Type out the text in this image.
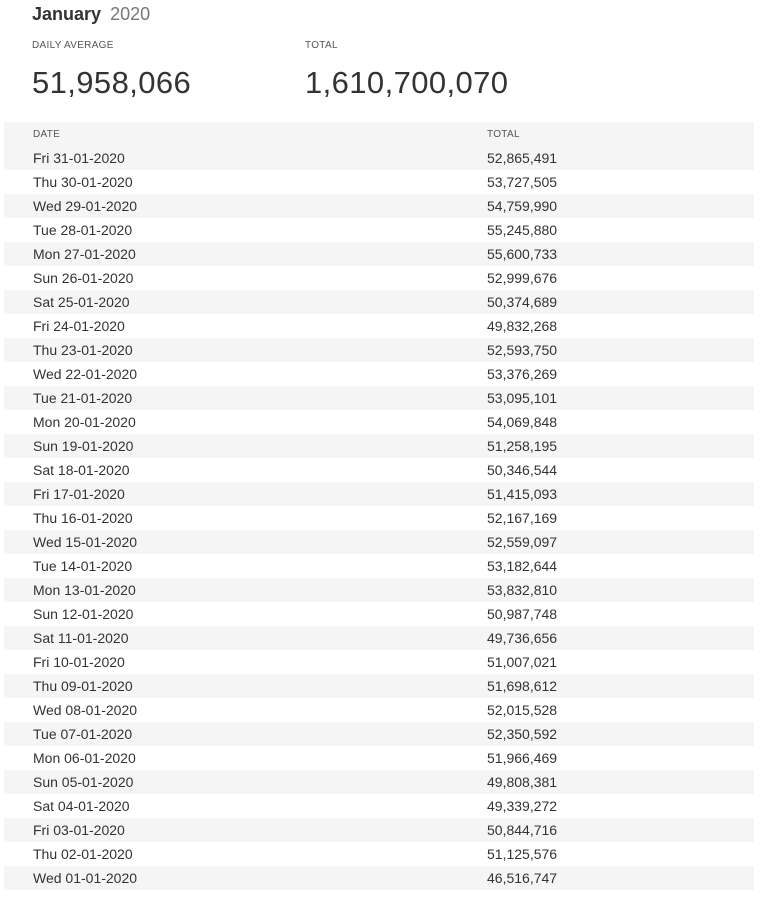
January 2020
DAILY AVERAGE
51,958,066
TOTAL
1,610,700,070
DATE	TOTAL
Fri 31-01-2020	52,865,491
Thu 30-01-2020	53,727,505
Wed 29-01-2020	54,759,990
Tue 28-01-2020	55,245,880
Mon 27-01-2020	55,600,733
Sun 26-01-2020	52,999,676
Sat 25-01-2020	50,374,689
Fri 24-01-2020	49,832,268
Thu 23-01-2020	52,593,750
Wed 22-01-2020	53,376,269
Tue 21-01-2020	53,095,101
Mon 20-01-2020	54,069,848
Sun 19-01-2020	51,258,195
Sat 18-01-2020	50,346,544
Fri 17-01-2020	51,415,093
Thu 16-01-2020	52,167,169
Wed 15-01-2020	52,559,097
Tue 14-01-2020	53,182,644
Mon 13-01-2020	53,832,810
Sun 12-01-2020	50,987,748
Sat 11-01-2020	49,736,656
Fri 10-01-2020	51,007,021
Thu 09-01-2020	51,698,612
Wed 08-01-2020	52,015,528
Tue 07-01-2020	52,350,592
Mon 06-01-2020	51,966,469
Sun 05-01-2020	49,808,381
Sat 04-01-2020	49,339,272
Fri 03-01-2020	50,844,716
Thu 02-01-2020	51,125,576
Wed 01-01-2020	46,516,747
